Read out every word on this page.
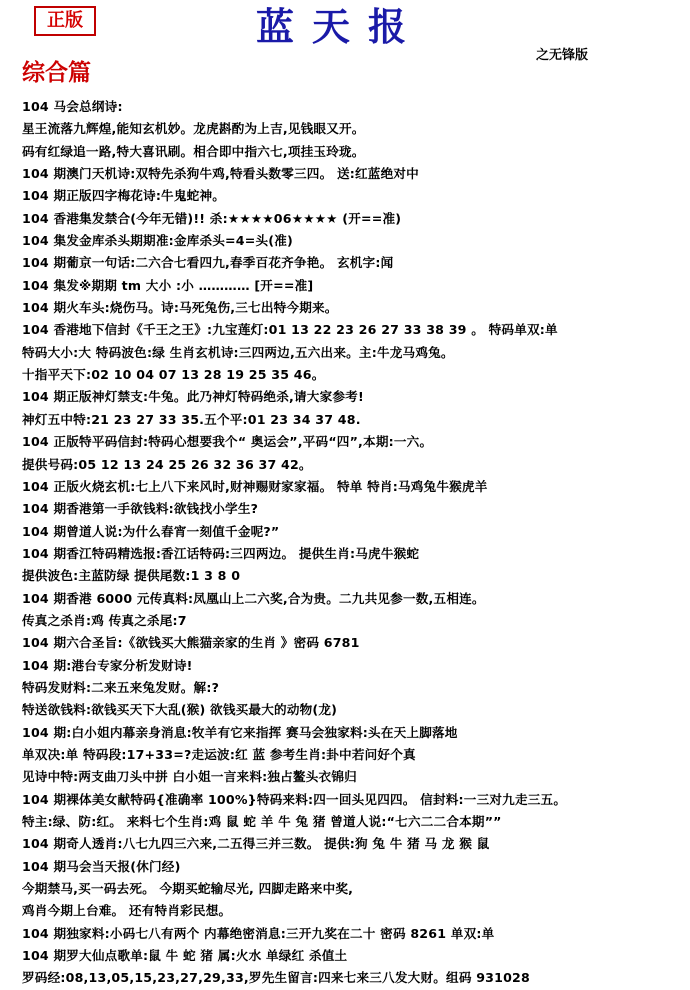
正版	蓝天报
之无锋版
综合篇
104 马会总纲诗:
星王流落九辉煌,能知玄机妙。龙虎斟酌为上吉,见钱眼又开。
码有红绿追一路,特大喜讯刷。相合即中指六七,项挂玉玲珑。
104 期澳门天机诗:双特先杀狗牛鸡,特看头数零三四。 送:红蓝绝对中
104 期正版四字梅花诗:牛鬼蛇神。
104 香港集发禁合(今年无错)!! 杀:★★★★06★★★★ (开==准)
104 集发金库杀头期期准:金库杀头=4=头(准)
104 期葡京一句话:二六合七看四九,春季百花齐争艳。 玄机字:闻
104 集发※期期 tm 大小 :小 ………… [开==准]
104 期火车头:烧伤马。诗:马死兔伤,三七出特今期来。
104 香港地下信封《千王之王》:九宝莲灯:01 13 22 23 26 27 33 38 39 。 特码单双:单
特码大小:大 特码波色:绿 生肖玄机诗:三四两边,五六出来。主:牛龙马鸡兔。
十指平天下:02 10 04 07 13 28 19 25 35 46。
104 期正版神灯禁支:牛兔。此乃神灯特码绝杀,请大家参考!
神灯五中特:21 23 27 33 35.五个平:01 23 34 37 48.
104 正版特平码信封:特码心想要我个“ 奥运会”,平码“四”,本期:一六。
提供号码:05 12 13 24 25 26 32 36 37 42。
104 正版火烧玄机:七上八下来风时,财神赐财家家福。 特单 特肖:马鸡兔牛猴虎羊
104 期香港第一手欲钱料:欲钱找小学生?
104 期曾道人说:为什么春宵一刻值千金呢?”
104 期香江特码精选报:香江话特码:三四两边。 提供生肖:马虎牛猴蛇
提供波色:主蓝防绿 提供尾数:1 3 8 0
104 期香港 6000 元传真料:凤凰山上二六奖,合为贵。二九共见参一数,五相连。
传真之杀肖:鸡 传真之杀尾:7
104 期六合圣旨:《欲钱买大熊猫亲家的生肖 》密码 6781
104 期:港台专家分析发财诗!
特码发财料:二来五来兔发财。解:?
特送欲钱料:欲钱买天下大乱(猴) 欲钱买最大的动物(龙)
104 期:白小姐内幕亲身消息:牧羊有它来指挥 赛马会独家料:头在天上脚落地
单双决:单 特码段:17+33=?走运波:红 蓝 参考生肖:卦中若问好个真
见诗中特:两支曲刀头中拼 白小姐一言来料:独占鳌头衣锦归
104 期裸体美女献特码{准确率 100%}特码来料:四一回头见四四。 信封料:一三对九走三五。
特主:绿、防:红。 来料七个生肖:鸡 鼠 蛇 羊 牛 兔 猪 曾道人说:“七六二二合本期””
104 期奇人透肖:八七九四三六来,二五得三并三数。 提供:狗 兔 牛 猪 马 龙 猴 鼠
104 期马会当天报(休门经)
今期禁马,买一码去死。 今期买蛇输尽光, 四脚走路来中奖,
鸡肖今期上台难。 还有特肖彩民想。
104 期独家料:小码七八有两个 内幕绝密消息:三开九奖在二十 密码 8261 单双:单
104 期罗大仙点歌单:鼠 牛 蛇 猪 属:火水 单绿红 杀值土
罗码经:08,13,05,15,23,27,29,33,罗先生留言:四来七来三八发大财。组码 931028
